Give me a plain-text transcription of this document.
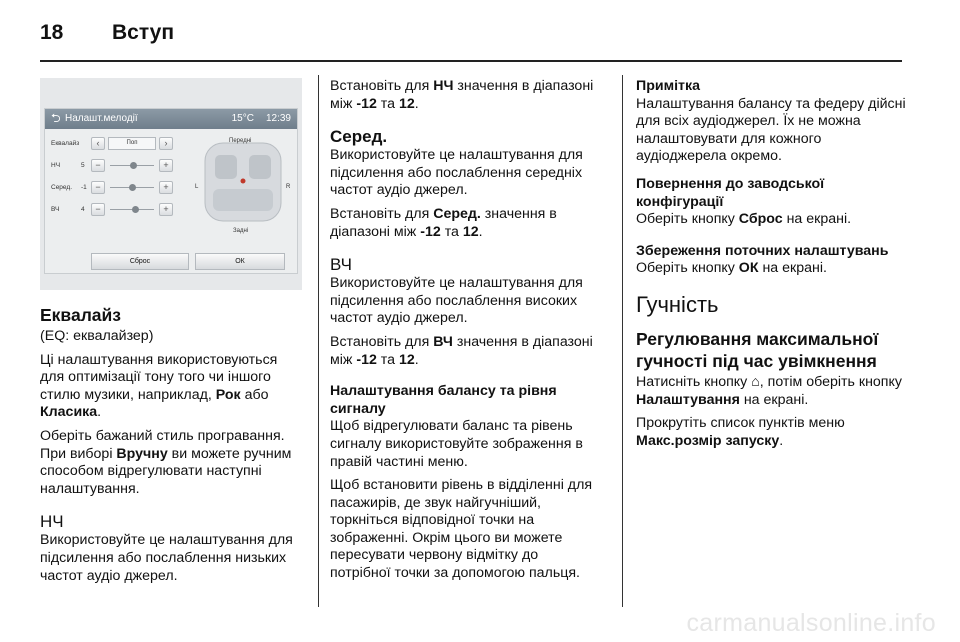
18	Вступ
⮌ Налашт.мелодії	15°C 12:39
Еквалайз	‹	Поп	›
НЧ	5	−	+
Серед.	-1 −	+
ВЧ	4	−	+
Передні
Задні
L	R
Сброс	ОК
Еквалайз

(EQ: еквалайзер)

Ці налаштування використовуються для оптимізації тону того чи іншого стилю музики, наприклад, Рок або Класика.

Оберіть бажаний стиль програвання. При виборі Вручну ви можете ручним способом відрегулювати наступні налаштування.

НЧ

Використовуйте це налаштування для підсилення або послаблення низьких частот аудіо джерел.

Встановіть для НЧ значення в діапазоні між -12 та 12.

Серед.

Використовуйте це налаштування для підсилення або послаблення середніх частот аудіо джерел.

Встановіть для Серед. значення в діапазоні між -12 та 12.

ВЧ

Використовуйте це налаштування для підсилення або послаблення високих частот аудіо джерел.

Встановіть для ВЧ значення в діапазоні між -12 та 12.

Налаштування балансу та рівня сигналу

Щоб відрегулювати баланс та рівень сигналу використовуйте зображення в правій частині меню.

Щоб встановити рівень в відділенні для пасажирів, де звук найгучніший, торкніться відповідної точки на зображенні. Окрім цього ви можете пересувати червону відмітку до потрібної точки за допомогою пальця.

Примітка

Налаштування балансу та федеру дійсні для всіх аудіоджерел. Їх не можна налаштовувати для кожного аудіоджерела окремо.

Повернення до заводської конфігурації

Оберіть кнопку Сброс на екрані.

Збереження поточних налаштувань

Оберіть кнопку ОК на екрані.

Гучність
Регулювання максимальної гучності під час увімкнення

Натисніть кнопку ⌂, потім оберіть кнопку Налаштування на екрані.

Прокрутіть список пунктів меню Макс.розмір запуску.

carmanualsonline.info
